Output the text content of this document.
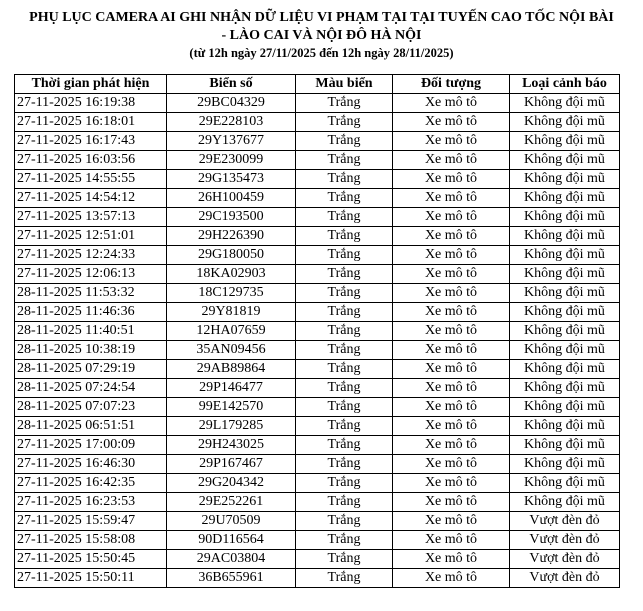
PHỤ LỤC CAMERA AI GHI NHẬN DỮ LIỆU VI PHẠM TẠI TẠI TUYẾN CAO TỐC NỘI BÀI
- LÀO CAI VÀ NỘI ĐÔ HÀ NỘI
(từ 12h ngày 27/11/2025 đến 12h ngày 28/11/2025)
Thời gian phát hiện	Biển số	Màu biển	Đối tượng	Loại cảnh báo
27-11-2025 16:19:38	29BC04329	Trắng	Xe mô tô	Không đội mũ
27-11-2025 16:18:01	29E228103	Trắng	Xe mô tô	Không đội mũ
27-11-2025 16:17:43	29Y137677	Trắng	Xe mô tô	Không đội mũ
27-11-2025 16:03:56	29E230099	Trắng	Xe mô tô	Không đội mũ
27-11-2025 14:55:55	29G135473	Trắng	Xe mô tô	Không đội mũ
27-11-2025 14:54:12	26H100459	Trắng	Xe mô tô	Không đội mũ
27-11-2025 13:57:13	29C193500	Trắng	Xe mô tô	Không đội mũ
27-11-2025 12:51:01	29H226390	Trắng	Xe mô tô	Không đội mũ
27-11-2025 12:24:33	29G180050	Trắng	Xe mô tô	Không đội mũ
27-11-2025 12:06:13	18KA02903	Trắng	Xe mô tô	Không đội mũ
28-11-2025 11:53:32	18C129735	Trắng	Xe mô tô	Không đội mũ
28-11-2025 11:46:36	29Y81819	Trắng	Xe mô tô	Không đội mũ
28-11-2025 11:40:51	12HA07659	Trắng	Xe mô tô	Không đội mũ
28-11-2025 10:38:19	35AN09456	Trắng	Xe mô tô	Không đội mũ
28-11-2025 07:29:19	29AB89864	Trắng	Xe mô tô	Không đội mũ
28-11-2025 07:24:54	29P146477	Trắng	Xe mô tô	Không đội mũ
28-11-2025 07:07:23	99E142570	Trắng	Xe mô tô	Không đội mũ
28-11-2025 06:51:51	29L179285	Trắng	Xe mô tô	Không đội mũ
27-11-2025 17:00:09	29H243025	Trắng	Xe mô tô	Không đội mũ
27-11-2025 16:46:30	29P167467	Trắng	Xe mô tô	Không đội mũ
27-11-2025 16:42:35	29G204342	Trắng	Xe mô tô	Không đội mũ
27-11-2025 16:23:53	29E252261	Trắng	Xe mô tô	Không đội mũ
27-11-2025 15:59:47	29U70509	Trắng	Xe mô tô	Vượt đèn đỏ
27-11-2025 15:58:08	90D116564	Trắng	Xe mô tô	Vượt đèn đỏ
27-11-2025 15:50:45	29AC03804	Trắng	Xe mô tô	Vượt đèn đỏ
27-11-2025 15:50:11	36B655961	Trắng	Xe mô tô	Vượt đèn đỏ
